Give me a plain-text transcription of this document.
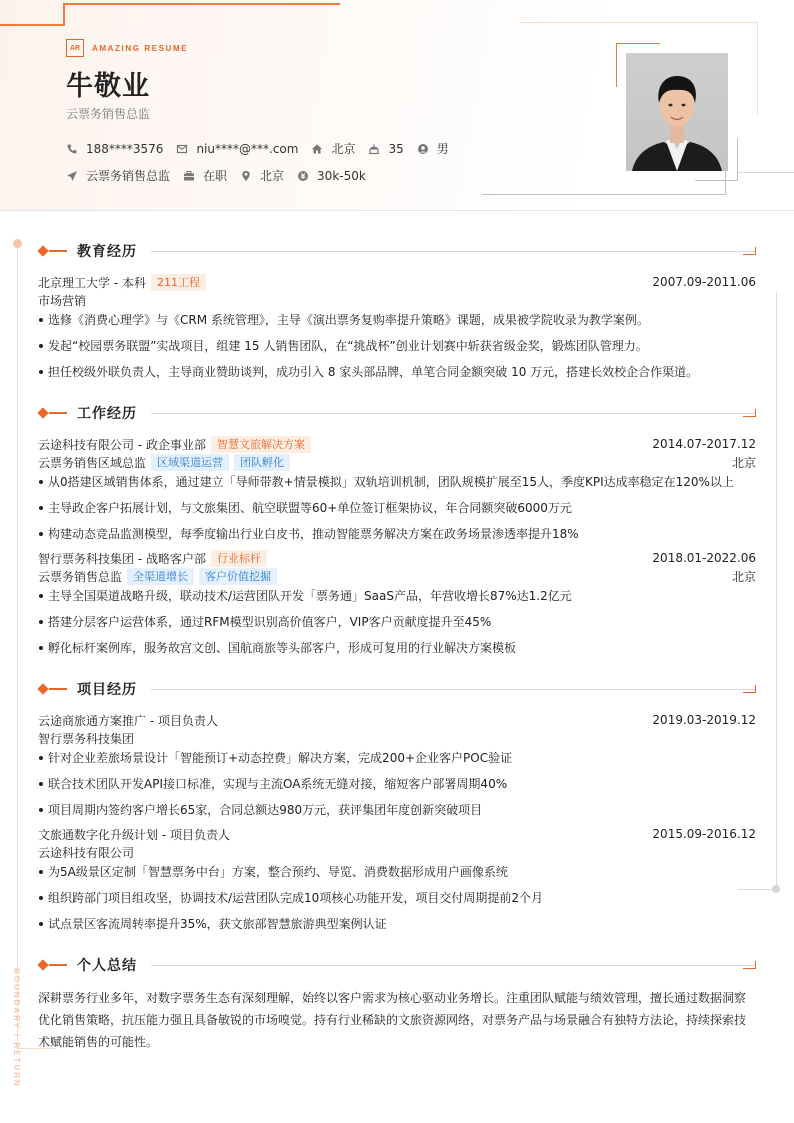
AR	AMAZING RESUME
牛敬业
云票务销售总监
188****3576	niu****@***.com	北京	35	男
云票务销售总监	在职	北京	30k-50k
BOUNDARY / RETURN
教育经历
北京理工大学 - 本科	211工程	2007.09-2011.06
市场营销
选修《消费心理学》与《CRM 系统管理》，主导《演出票务复购率提升策略》课题，成果被学院收录为教学案例。
发起“校园票务联盟”实战项目，组建 15 人销售团队，在“挑战杯”创业计划赛中斩获省级金奖，锻炼团队管理力。
担任校级外联负责人，主导商业赞助谈判，成功引入 8 家头部品牌，单笔合同金额突破 10 万元，搭建长效校企合作渠道。
工作经历
云途科技有限公司 - 政企事业部	智慧文旅解决方案	2014.07-2017.12
云票务销售区域总监	区域渠道运营	团队孵化	北京
从0搭建区域销售体系，通过建立「导师带教+情景模拟」双轨培训机制，团队规模扩展至15人，季度KPI达成率稳定在120%以上
主导政企客户拓展计划，与文旅集团、航空联盟等60+单位签订框架协议，年合同额突破6000万元
构建动态竞品监测模型，每季度输出行业白皮书，推动智能票务解决方案在政务场景渗透率提升18%
智行票务科技集团 - 战略客户部	行业标杆	2018.01-2022.06
云票务销售总监	全渠道增长	客户价值挖掘	北京
主导全国渠道战略升级，联动技术/运营团队开发「票务通」SaaS产品，年营收增长87%达1.2亿元
搭建分层客户运营体系，通过RFM模型识别高价值客户，VIP客户贡献度提升至45%
孵化标杆案例库，服务故宫文创、国航商旅等头部客户，形成可复用的行业解决方案模板
项目经历
云途商旅通方案推广 - 项目负责人	2019.03-2019.12
智行票务科技集团
针对企业差旅场景设计「智能预订+动态控费」解决方案，完成200+企业客户POC验证
联合技术团队开发API接口标准，实现与主流OA系统无缝对接，缩短客户部署周期40%
项目周期内签约客户增长65家，合同总额达980万元，获评集团年度创新突破项目
文旅通数字化升级计划 - 项目负责人	2015.09-2016.12
云途科技有限公司
为5A级景区定制「智慧票务中台」方案，整合预约、导览、消费数据形成用户画像系统
组织跨部门项目组攻坚，协调技术/运营团队完成10项核心功能开发，项目交付周期提前2个月
试点景区客流周转率提升35%，获文旅部智慧旅游典型案例认证
个人总结
深耕票务行业多年，对数字票务生态有深刻理解，始终以客户需求为核心驱动业务增长。注重团队赋能与绩效管理，擅长通过数据洞察优化销售策略，抗压能力强且具备敏锐的市场嗅觉。持有行业稀缺的文旅资源网络，对票务产品与场景融合有独特方法论，持续探索技术赋能销售的可能性。
